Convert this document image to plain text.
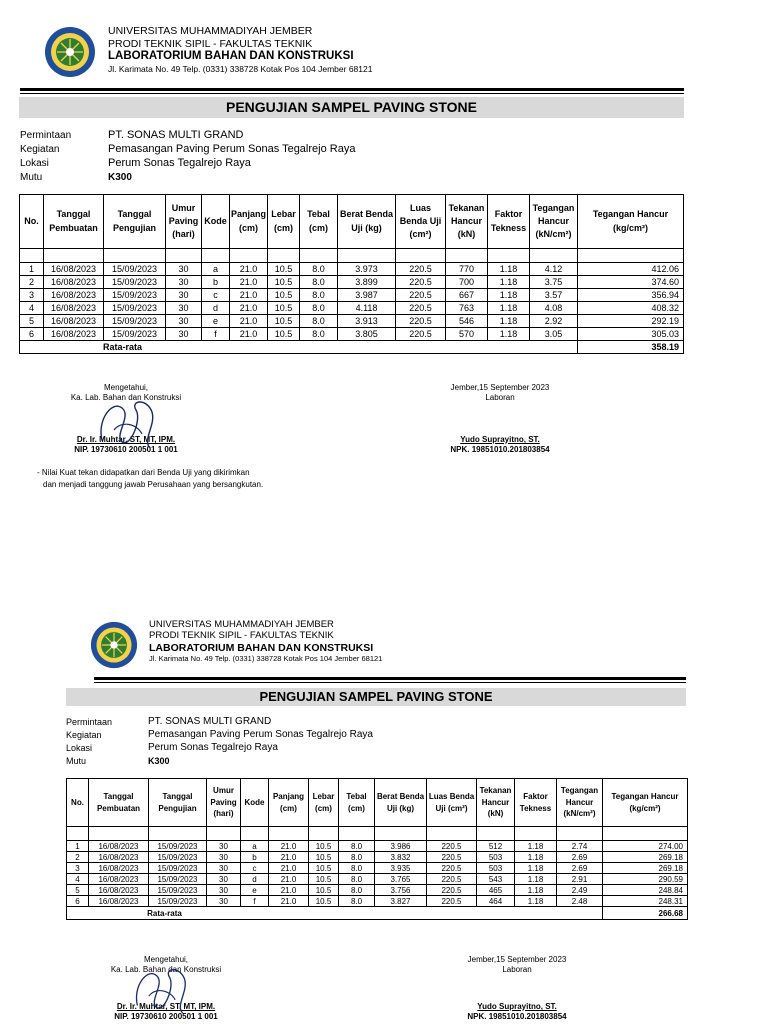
UNIVERSITAS MUHAMMADIYAH JEMBER
PRODI TEKNIK SIPIL - FAKULTAS TEKNIK
LABORATORIUM BAHAN DAN KONSTRUKSI
Jl. Karimata No. 49 Telp. (0331) 338728 Kotak Pos 104 Jember 68121
PENGUJIAN SAMPEL PAVING STONE
Permintaan	PT. SONAS MULTI GRAND
Kegiatan	Pemasangan Paving Perum Sonas Tegalrejo Raya
Lokasi	Perum Sonas Tegalrejo Raya
Mutu	K300
No.	Tanggal Pembuatan	Tanggal Pengujian	Umur Paving (hari)	Kode	Panjang (cm)	Lebar (cm)	Tebal (cm)	Berat Benda Uji (kg)	Luas Benda Uji (cm²)	Tekanan Hancur (kN)	Faktor Tekness	Tegangan Hancur (kN/cm²)	Tegangan Hancur (kg/cm²)

1	16/08/2023	15/09/2023	30	a	21.0	10.5	8.0	3.973	220.5	770	1.18	4.12	412.06
2	16/08/2023	15/09/2023	30	b	21.0	10.5	8.0	3.899	220.5	700	1.18	3.75	374.60
3	16/08/2023	15/09/2023	30	c	21.0	10.5	8.0	3.987	220.5	667	1.18	3.57	356.94
4	16/08/2023	15/09/2023	30	d	21.0	10.5	8.0	4.118	220.5	763	1.18	4.08	408.32
5	16/08/2023	15/09/2023	30	e	21.0	10.5	8.0	3.913	220.5	546	1.18	2.92	292.19
6	16/08/2023	15/09/2023	30	f	21.0	10.5	8.0	3.805	220.5	570	1.18	3.05	305.03
	Rata-rata												358.19
Mengetahui,
Ka. Lab. Bahan dan Konstruksi
Dr. Ir. Muhtar, ST, MT, IPM.
NIP. 19730610 200501 1 001
Jember,15 September 2023
Laboran
Yudo Suprayitno, ST.
NPK. 19851010.201803854
- Nilai Kuat tekan didapatkan dari Benda Uji yang dikirimkan
dan menjadi tanggung jawab Perusahaan yang bersangkutan.
UNIVERSITAS MUHAMMADIYAH JEMBER
PRODI TEKNIK SIPIL - FAKULTAS TEKNIK
LABORATORIUM BAHAN DAN KONSTRUKSI
Jl. Karimata No. 49 Telp. (0331) 338728 Kotak Pos 104 Jember 68121
PENGUJIAN SAMPEL PAVING STONE
Permintaan	PT. SONAS MULTI GRAND
Kegiatan	Pemasangan Paving Perum Sonas Tegalrejo Raya
Lokasi	Perum Sonas Tegalrejo Raya
Mutu	K300
No.	Tanggal Pembuatan	Tanggal Pengujian	Umur Paving (hari)	Kode	Panjang (cm)	Lebar (cm)	Tebal (cm)	Berat Benda Uji (kg)	Luas Benda Uji (cm²)	Tekanan Hancur (kN)	Faktor Tekness	Tegangan Hancur (kN/cm²)	Tegangan Hancur (kg/cm²)

1	16/08/2023	15/09/2023	30	a	21.0	10.5	8.0	3.986	220.5	512	1.18	2.74	274.00
2	16/08/2023	15/09/2023	30	b	21.0	10.5	8.0	3.832	220.5	503	1.18	2.69	269.18
3	16/08/2023	15/09/2023	30	c	21.0	10.5	8.0	3.935	220.5	503	1.18	2.69	269.18
4	16/08/2023	15/09/2023	30	d	21.0	10.5	8.0	3.765	220.5	543	1.18	2.91	290.59
5	16/08/2023	15/09/2023	30	e	21.0	10.5	8.0	3.756	220.5	465	1.18	2.49	248.84
6	16/08/2023	15/09/2023	30	f	21.0	10.5	8.0	3.827	220.5	464	1.18	2.48	248.31
	Rata-rata												266.68
Mengetahui,
Ka. Lab. Bahan dan Konstruksi
Dr. Ir. Muhtar, ST, MT, IPM.
NIP. 19730610 200501 1 001
Jember,15 September 2023
Laboran
Yudo Suprayitno, ST.
NPK. 19851010.201803854
